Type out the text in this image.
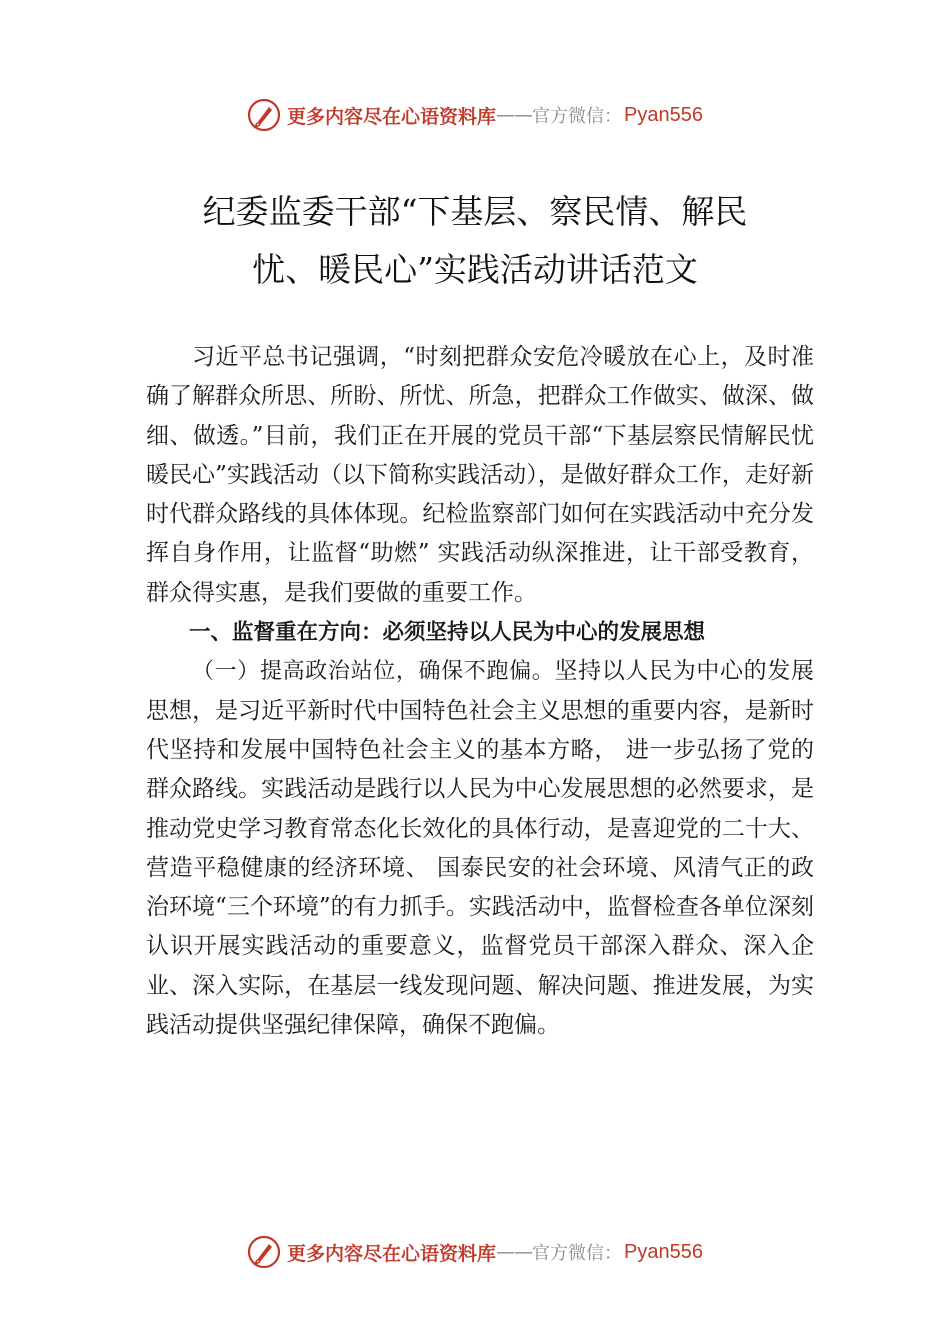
更多内容尽在心语资料库 —— 官方微信： Pyan556
纪委监委干部“下基层、察民情、解民
忧、暖民心”实践活动讲话范文

习近平总书记强调，“时刻把群众安危冷暖放在心上，及时准确了解群众所思、所盼、所忧、所急，把群众工作做实、做深、做细、做透。”目前，我们正在开展的党员干部“下基层察民情解民忧暖民心”实践活动（以下简称实践活动），是做好群众工作，走好新时代群众路线的具体体现。纪检监察部门如何在实践活动中充分发挥自身作用，让监督“助燃” 实践活动纵深推进，让干部受教育，群众得实惠，是我们要做的重要工作。

一、监督重在方向：必须坚持以人民为中心的发展思想

（一）提高政治站位，确保不跑偏。坚持以人民为中心的发展思想，是习近平新时代中国特色社会主义思想的重要内容，是新时代坚持和发展中国特色社会主义的基本方略， 进一步弘扬了党的群众路线。实践活动是践行以人民为中心发展思想的必然要求，是推动党史学习教育常态化长效化的具体行动，是喜迎党的二十大、营造平稳健康的经济环境、 国泰民安的社会环境、风清气正的政治环境“三个环境”的有力抓手。实践活动中，监督检查各单位深刻认识开展实践活动的重要意义，监督党员干部深入群众、深入企业、深入实际，在基层一线发现问题、解决问题、推进发展，为实践活动提供坚强纪律保障，确保不跑偏。

更多内容尽在心语资料库 —— 官方微信： Pyan556
